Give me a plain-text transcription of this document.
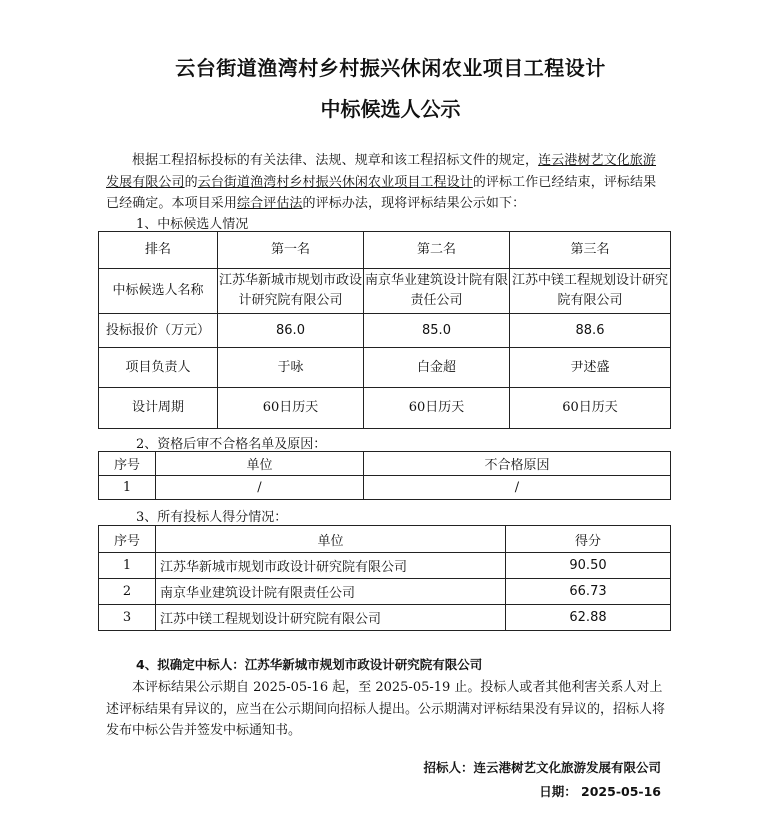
云台街道渔湾村乡村振兴休闲农业项目工程设计
中标候选人公示

根据工程招标投标的有关法律、法规、规章和该工程招标文件的规定，连云港树艺文化旅游发展有限公司的云台街道渔湾村乡村振兴休闲农业项目工程设计的评标工作已经结束，评标结果已经确定。本项目采用综合评估法的评标办法，现将评标结果公示如下：

1、中标候选人情况
排名	第一名	第二名	第三名
中标候选人名称	江苏华新城市规划市政设计研究院有限公司	南京华业建筑设计院有限责任公司	江苏中镁工程规划设计研究院有限公司
投标报价（万元）	86.0	85.0	88.6
项目负责人	于咏	白金超	尹述盛
设计周期	60日历天	60日历天	60日历天
2、资格后审不合格名单及原因：
序号	单位	不合格原因
1	/	/
3、所有投标人得分情况：
序号	单位	得分
1	江苏华新城市规划市政设计研究院有限公司	90.50
2	南京华业建筑设计院有限责任公司	66.73
3	江苏中镁工程规划设计研究院有限公司	62.88
4、拟确定中标人：江苏华新城市规划市政设计研究院有限公司

本评标结果公示期自 2025-05-16 起，至 2025-05-19 止。投标人或者其他利害关系人对上述评标结果有异议的，应当在公示期间向招标人提出。公示期满对评标结果没有异议的，招标人将发布中标公告并签发中标通知书。

招标人：连云港树艺文化旅游发展有限公司
日期： 2025-05-16
